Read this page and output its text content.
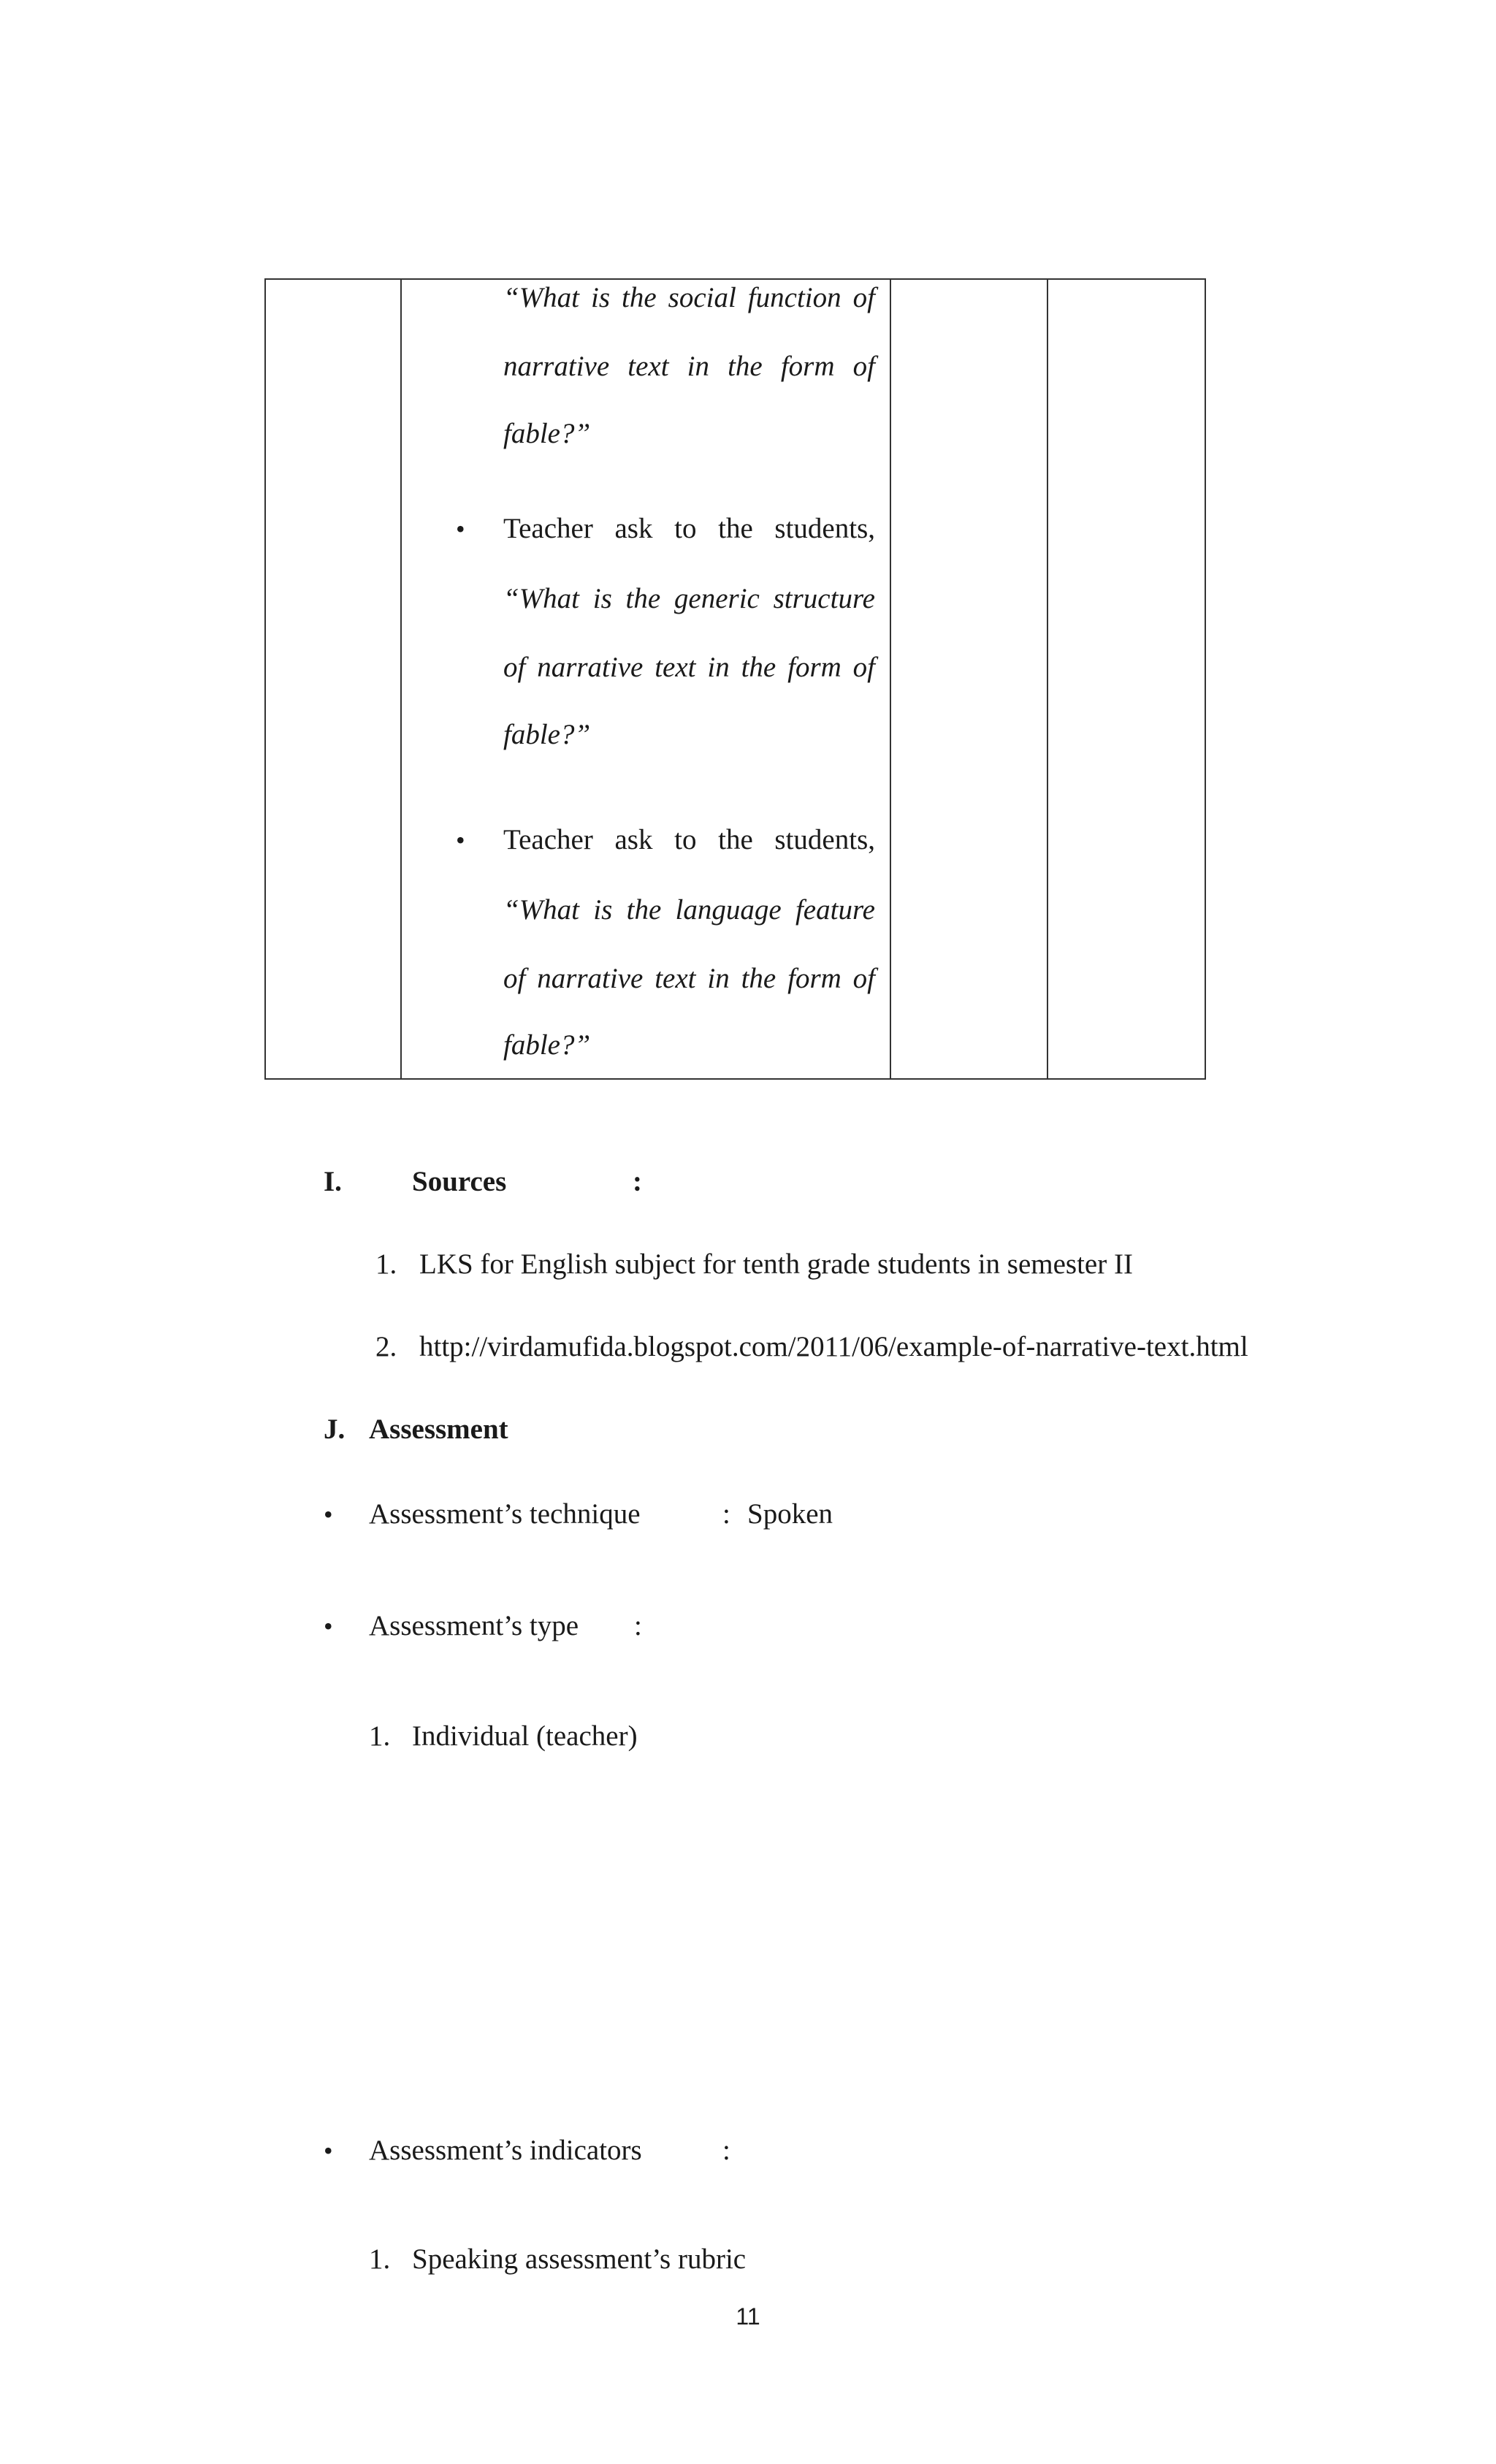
“What is the social function of
narrative text in the form of
fable?”
• Teacher ask to the students,
“What is the generic structure
of narrative text in the form of
fable?”
• Teacher ask to the students,
“What is the language feature
of narrative text in the form of
fable?”
I. Sources	:
1. LKS for English subject for tenth grade students in semester II
2. http://virdamufida.blogspot.com/2011/06/example-of-narrative-text.html
J. Assessment
• Assessment’s technique	: Spoken
• Assessment’s type :
1. Individual (teacher)
• Assessment’s indicators	:
1. Speaking assessment’s rubric
11
